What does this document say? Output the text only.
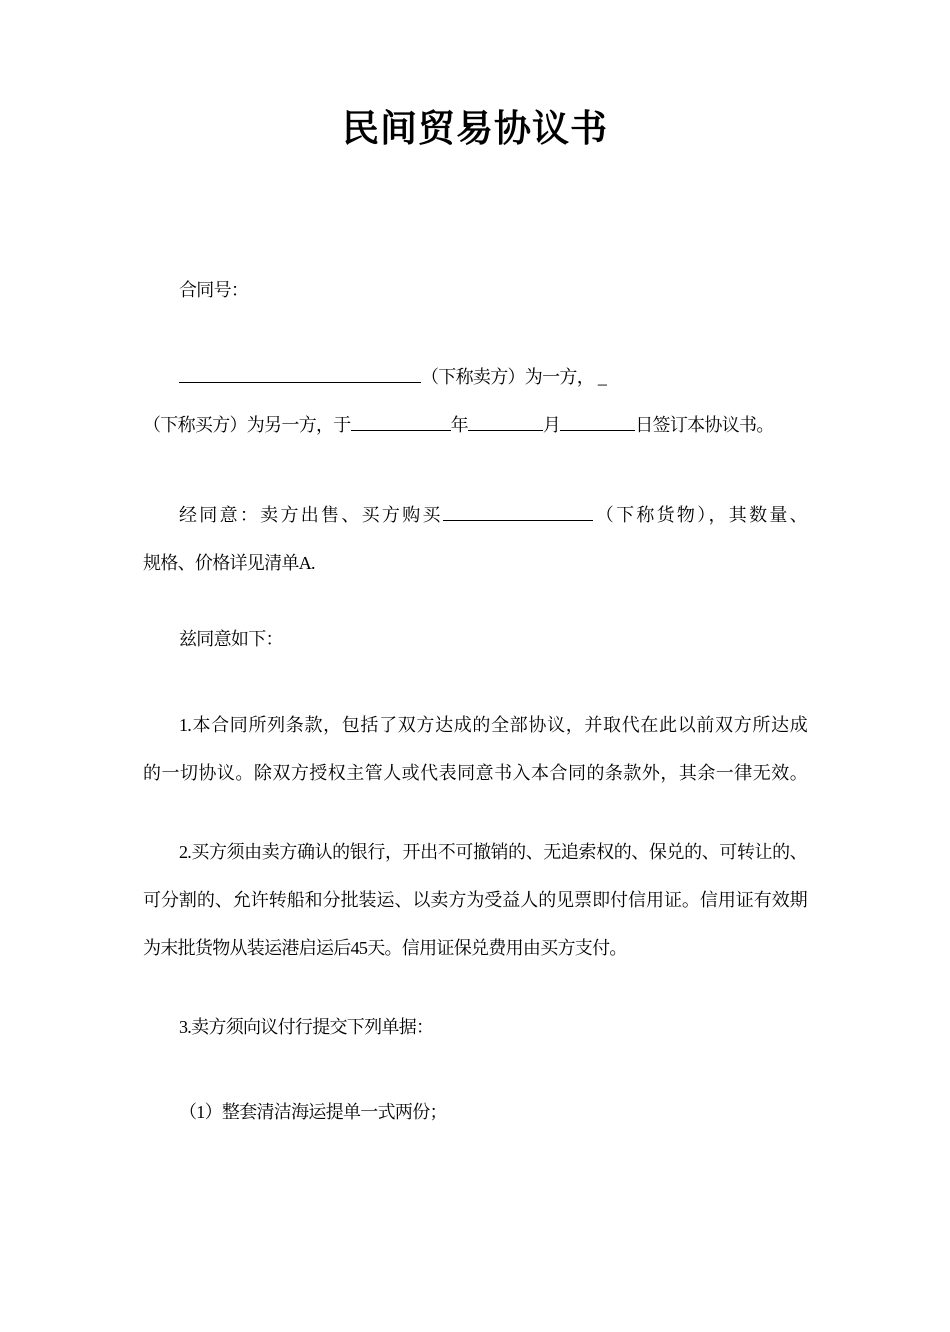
民间贸易协议书
合同号：
（下称卖方）为一方， _
（下称买方）为另一方，于	年	月	日签订本协议书。
经同意：卖方出售、买方购买	（下称货物），其数量、
规格、价格详见清单A.
兹同意如下：
1.本合同所列条款，包括了双方达成的全部协议，并取代在此以前双方所达成
的一切协议。除双方授权主管人或代表同意书入本合同的条款外，其余一律无效。
2.买方须由卖方确认的银行，开出不可撤销的、无追索权的、保兑的、可转让的、
可分割的、允许转船和分批装运、以卖方为受益人的见票即付信用证。信用证有效期
为末批货物从装运港启运后45天。信用证保兑费用由买方支付。
3.卖方须向议付行提交下列单据：
（1）整套清洁海运提单一式两份；
